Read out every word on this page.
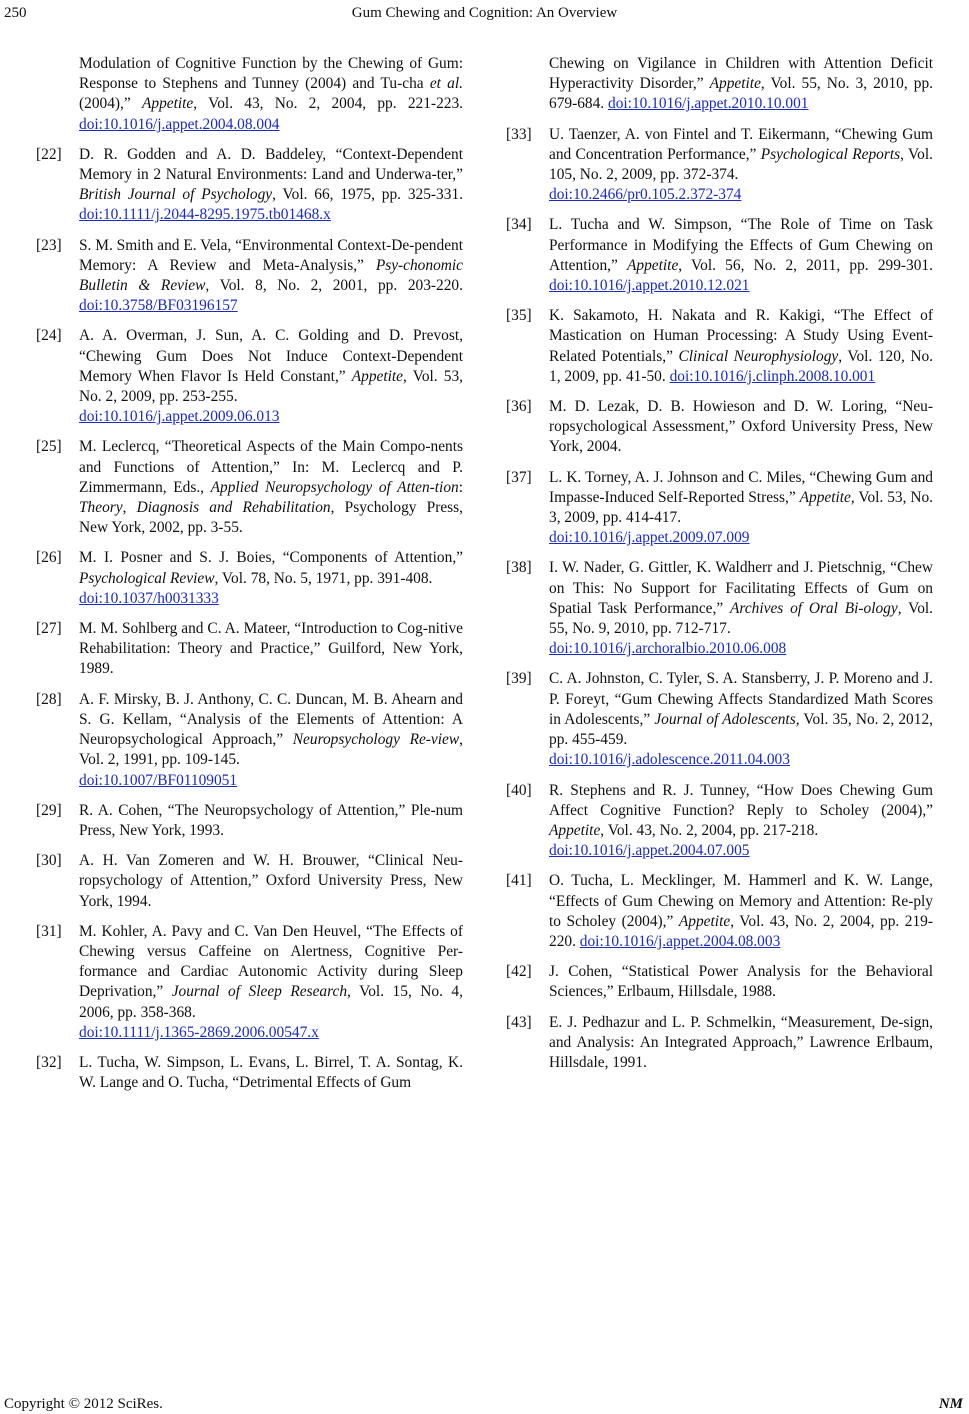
250	Gum Chewing and Cognition: An Overview
Modulation of Cognitive Function by the Chewing of Gum: Response to Stephens and Tunney (2004) and Tu-cha et al. (2004),” Appetite, Vol. 43, No. 2, 2004, pp. 221-223. doi:10.1016/j.appet.2004.08.004
[22] D. R. Godden and A. D. Baddeley, “Context-Dependent Memory in 2 Natural Environments: Land and Underwa-ter,” British Journal of Psychology, Vol. 66, 1975, pp. 325-331. doi:10.1111/j.2044-8295.1975.tb01468.x
[23] S. M. Smith and E. Vela, “Environmental Context-De-pendent Memory: A Review and Meta-Analysis,” Psy-chonomic Bulletin & Review, Vol. 8, No. 2, 2001, pp. 203-220. doi:10.3758/BF03196157
[24] A. A. Overman, J. Sun, A. C. Golding and D. Prevost, “Chewing Gum Does Not Induce Context-Dependent Memory When Flavor Is Held Constant,” Appetite, Vol. 53, No. 2, 2009, pp. 253-255.
doi:10.1016/j.appet.2009.06.013
[25] M. Leclercq, “Theoretical Aspects of the Main Compo-nents and Functions of Attention,” In: M. Leclercq and P. Zimmermann, Eds., Applied Neuropsychology of Atten-tion: Theory, Diagnosis and Rehabilitation, Psychology Press, New York, 2002, pp. 3-55.
[26] M. I. Posner and S. J. Boies, “Components of Attention,” Psychological Review, Vol. 78, No. 5, 1971, pp. 391-408.
doi:10.1037/h0031333
[27] M. M. Sohlberg and C. A. Mateer, “Introduction to Cog-nitive Rehabilitation: Theory and Practice,” Guilford, New York, 1989.
[28] A. F. Mirsky, B. J. Anthony, C. C. Duncan, M. B. Ahearn and S. G. Kellam, “Analysis of the Elements of Attention: A Neuropsychological Approach,” Neuropsychology Re-view, Vol. 2, 1991, pp. 109-145.
doi:10.1007/BF01109051
[29] R. A. Cohen, “The Neuropsychology of Attention,” Ple-num Press, New York, 1993.
[30] A. H. Van Zomeren and W. H. Brouwer, “Clinical Neu-ropsychology of Attention,” Oxford University Press, New York, 1994.
[31] M. Kohler, A. Pavy and C. Van Den Heuvel, “The Effects of Chewing versus Caffeine on Alertness, Cognitive Per-formance and Cardiac Autonomic Activity during Sleep Deprivation,” Journal of Sleep Research, Vol. 15, No. 4, 2006, pp. 358-368.
doi:10.1111/j.1365-2869.2006.00547.x
[32] L. Tucha, W. Simpson, L. Evans, L. Birrel, T. A. Sontag, K. W. Lange and O. Tucha, “Detrimental Effects of Gum
Chewing on Vigilance in Children with Attention Deficit Hyperactivity Disorder,” Appetite, Vol. 55, No. 3, 2010, pp. 679-684. doi:10.1016/j.appet.2010.10.001
[33] U. Taenzer, A. von Fintel and T. Eikermann, “Chewing Gum and Concentration Performance,” Psychological Reports, Vol. 105, No. 2, 2009, pp. 372-374.
doi:10.2466/pr0.105.2.372-374
[34] L. Tucha and W. Simpson, “The Role of Time on Task Performance in Modifying the Effects of Gum Chewing on Attention,” Appetite, Vol. 56, No. 2, 2011, pp. 299-301. doi:10.1016/j.appet.2010.12.021
[35] K. Sakamoto, H. Nakata and R. Kakigi, “The Effect of Mastication on Human Processing: A Study Using Event-Related Potentials,” Clinical Neurophysiology, Vol. 120, No. 1, 2009, pp. 41-50. doi:10.1016/j.clinph.2008.10.001
[36] M. D. Lezak, D. B. Howieson and D. W. Loring, “Neu-ropsychological Assessment,” Oxford University Press, New York, 2004.
[37] L. K. Torney, A. J. Johnson and C. Miles, “Chewing Gum and Impasse-Induced Self-Reported Stress,” Appetite, Vol. 53, No. 3, 2009, pp. 414-417.
doi:10.1016/j.appet.2009.07.009
[38] I. W. Nader, G. Gittler, K. Waldherr and J. Pietschnig, “Chew on This: No Support for Facilitating Effects of Gum on Spatial Task Performance,” Archives of Oral Bi-ology, Vol. 55, No. 9, 2010, pp. 712-717.
doi:10.1016/j.archoralbio.2010.06.008
[39] C. A. Johnston, C. Tyler, S. A. Stansberry, J. P. Moreno and J. P. Foreyt, “Gum Chewing Affects Standardized Math Scores in Adolescents,” Journal of Adolescents, Vol. 35, No. 2, 2012, pp. 455-459.
doi:10.1016/j.adolescence.2011.04.003
[40] R. Stephens and R. J. Tunney, “How Does Chewing Gum Affect Cognitive Function? Reply to Scholey (2004),” Appetite, Vol. 43, No. 2, 2004, pp. 217-218.
doi:10.1016/j.appet.2004.07.005
[41] O. Tucha, L. Mecklinger, M. Hammerl and K. W. Lange, “Effects of Gum Chewing on Memory and Attention: Re-ply to Scholey (2004),” Appetite, Vol. 43, No. 2, 2004, pp. 219-220. doi:10.1016/j.appet.2004.08.003
[42] J. Cohen, “Statistical Power Analysis for the Behavioral Sciences,” Erlbaum, Hillsdale, 1988.
[43] E. J. Pedhazur and L. P. Schmelkin, “Measurement, De-sign, and Analysis: An Integrated Approach,” Lawrence Erlbaum, Hillsdale, 1991.
Copyright © 2012 SciRes.	NM
